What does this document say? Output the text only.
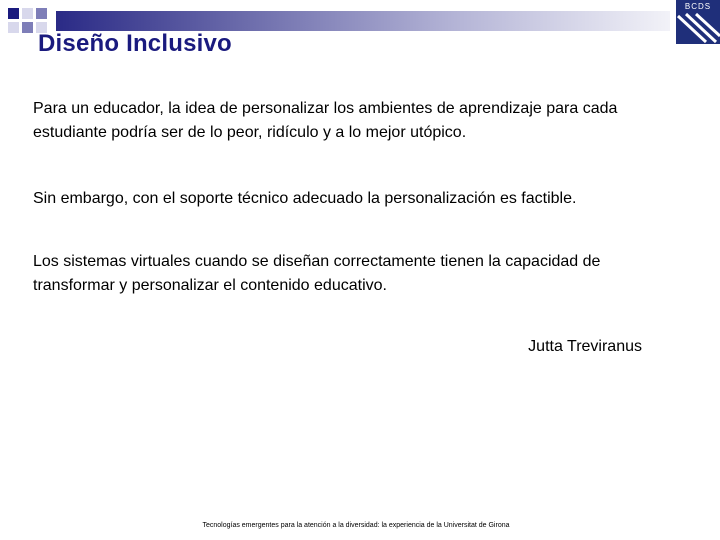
BCDS
Diseño Inclusivo
Para un educador, la idea de personalizar los ambientes de aprendizaje para cada estudiante podría ser de lo peor, ridículo y a lo mejor utópico.
Sin embargo, con el soporte técnico adecuado la personalización es factible.
Los sistemas virtuales cuando se diseñan correctamente tienen la capacidad de transformar y personalizar el contenido educativo.
Jutta Treviranus
Tecnologías emergentes para la atención a la diversidad: la experiencia de la Universitat de Girona
